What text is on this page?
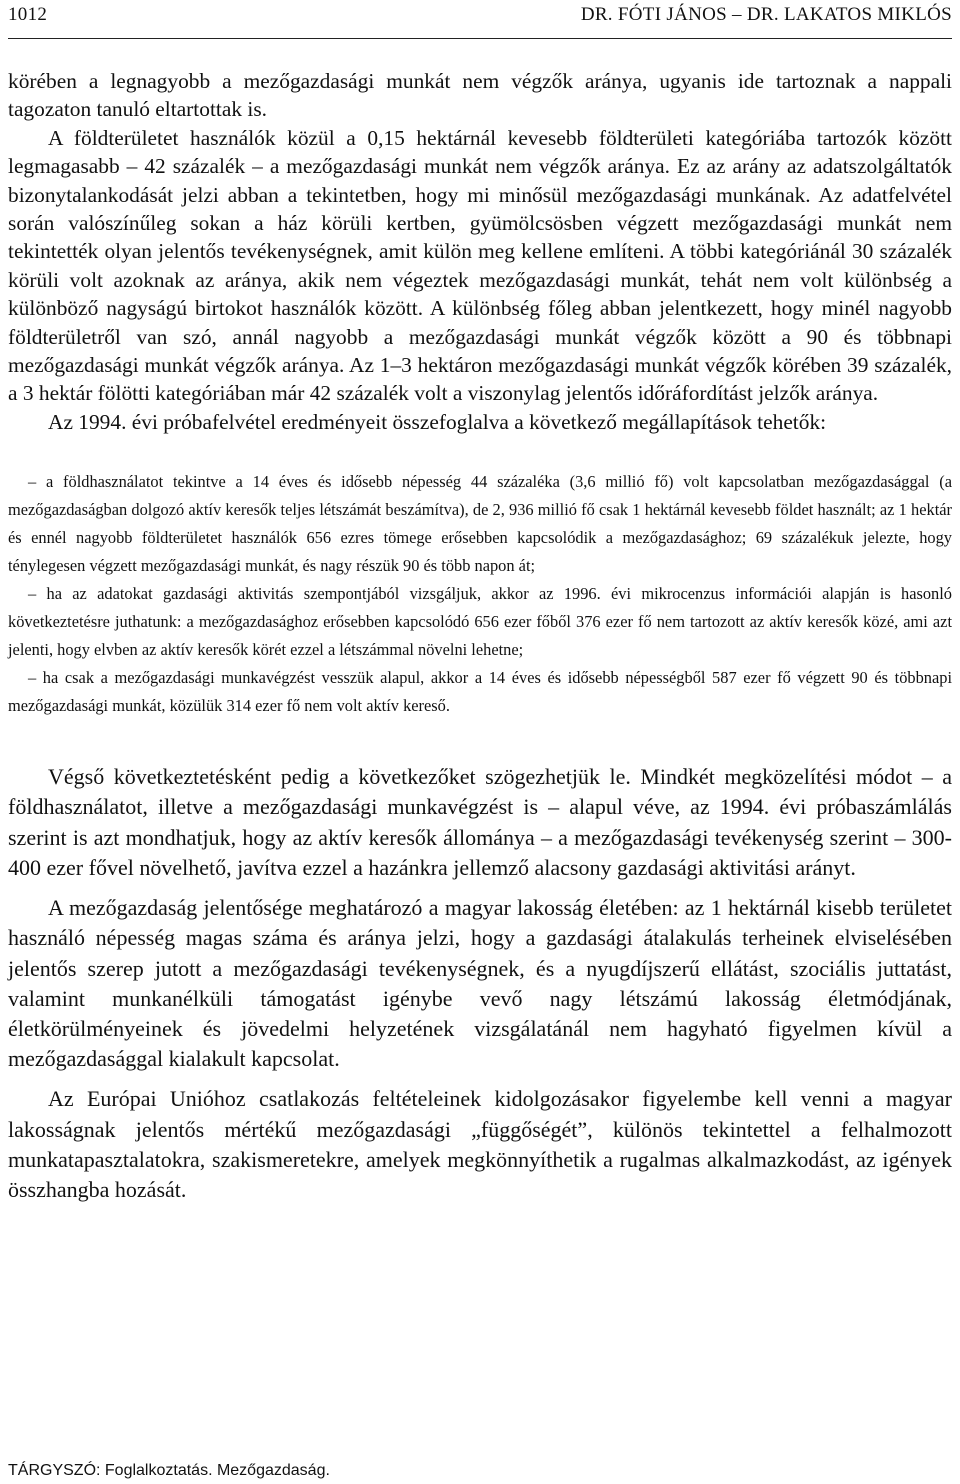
1012	DR. FÓTI JÁNOS – DR. LAKATOS MIKLÓS

körében a legnagyobb a mezőgazdasági munkát nem végzők aránya, ugyanis ide tartoznak a nappali tagozaton tanuló eltartottak is.

A földterületet használók közül a 0,15 hektárnál kevesebb földterületi kategóriába tartozók között legmagasabb – 42 százalék – a mezőgazdasági munkát nem végzők aránya. Ez az arány az adatszolgáltatók bizonytalankodását jelzi abban a tekintetben, hogy mi minősül mezőgazdasági munkának. Az adatfelvétel során valószínűleg sokan a ház körüli kertben, gyümölcsösben végzett mezőgazdasági munkát nem tekintették olyan jelentős tevékenységnek, amit külön meg kellene említeni. A többi kategóriánál 30 százalék körüli volt azoknak az aránya, akik nem végeztek mezőgazdasági munkát, tehát nem volt különbség a különböző nagyságú birtokot használók között. A különbség főleg abban jelentkezett, hogy minél nagyobb földterületről van szó, annál nagyobb a mezőgazdasági munkát végzők között a 90 és többnapi mezőgazdasági munkát végzők aránya. Az 1–3 hektáron mezőgazdasági munkát végzők körében 39 százalék, a 3 hektár fölötti kategóriában már 42 százalék volt a viszonylag jelentős időráfordítást jelzők aránya.

Az 1994. évi próbafelvétel eredményeit összefoglalva a következő megállapítások tehetők:

– a földhasználatot tekintve a 14 éves és idősebb népesség 44 százaléka (3,6 millió fő) volt kapcsolatban mezőgazdasággal (a mezőgazdaságban dolgozó aktív keresők teljes létszámát beszámítva), de 2, 936 millió fő csak 1 hektárnál kevesebb földet használt; az 1 hektár és ennél nagyobb földterületet használók 656 ezres tömege erősebben kapcsolódik a mezőgazdasághoz; 69 százalékuk jelezte, hogy ténylegesen végzett mezőgazdasági munkát, és nagy részük 90 és több napon át;

– ha az adatokat gazdasági aktivitás szempontjából vizsgáljuk, akkor az 1996. évi mikrocenzus információi alapján is hasonló következtetésre juthatunk: a mezőgazdasághoz erősebben kapcsolódó 656 ezer főből 376 ezer fő nem tartozott az aktív keresők közé, ami azt jelenti, hogy elvben az aktív keresők körét ezzel a létszámmal növelni lehetne;

– ha csak a mezőgazdasági munkavégzést vesszük alapul, akkor a 14 éves és idősebb népességből 587 ezer fő végzett 90 és többnapi mezőgazdasági munkát, közülük 314 ezer fő nem volt aktív kereső.

Végső következtetésként pedig a következőket szögezhetjük le. Mindkét megközelítési módot – a földhasználatot, illetve a mezőgazdasági munkavégzést is – alapul véve, az 1994. évi próbaszámlálás szerint is azt mondhatjuk, hogy az aktív keresők állománya – a mezőgazdasági tevékenység szerint – 300-400 ezer fővel növelhető, javítva ezzel a hazánkra jellemző alacsony gazdasági aktivitási arányt.

A mezőgazdaság jelentősége meghatározó a magyar lakosság életében: az 1 hektárnál kisebb területet használó népesség magas száma és aránya jelzi, hogy a gazdasági átalakulás terheinek elviselésében jelentős szerep jutott a mezőgazdasági tevékenységnek, és a nyugdíjszerű ellátást, szociális juttatást, valamint munkanélküli támogatást igénybe vevő nagy létszámú lakosság életmódjának, életkörülményeinek és jövedelmi helyzetének vizsgálatánál nem hagyható figyelmen kívül a mezőgazdasággal kialakult kapcsolat.

Az Európai Unióhoz csatlakozás feltételeinek kidolgozásakor figyelembe kell venni a magyar lakosságnak jelentős mértékű mezőgazdasági „függőségét”, különös tekintettel a felhalmozott munkatapasztalatokra, szakismeretekre, amelyek megkönnyíthetik a rugalmas alkalmazkodást, az igények összhangba hozását.

TÁRGYSZÓ: Foglalkoztatás. Mezőgazdaság.
